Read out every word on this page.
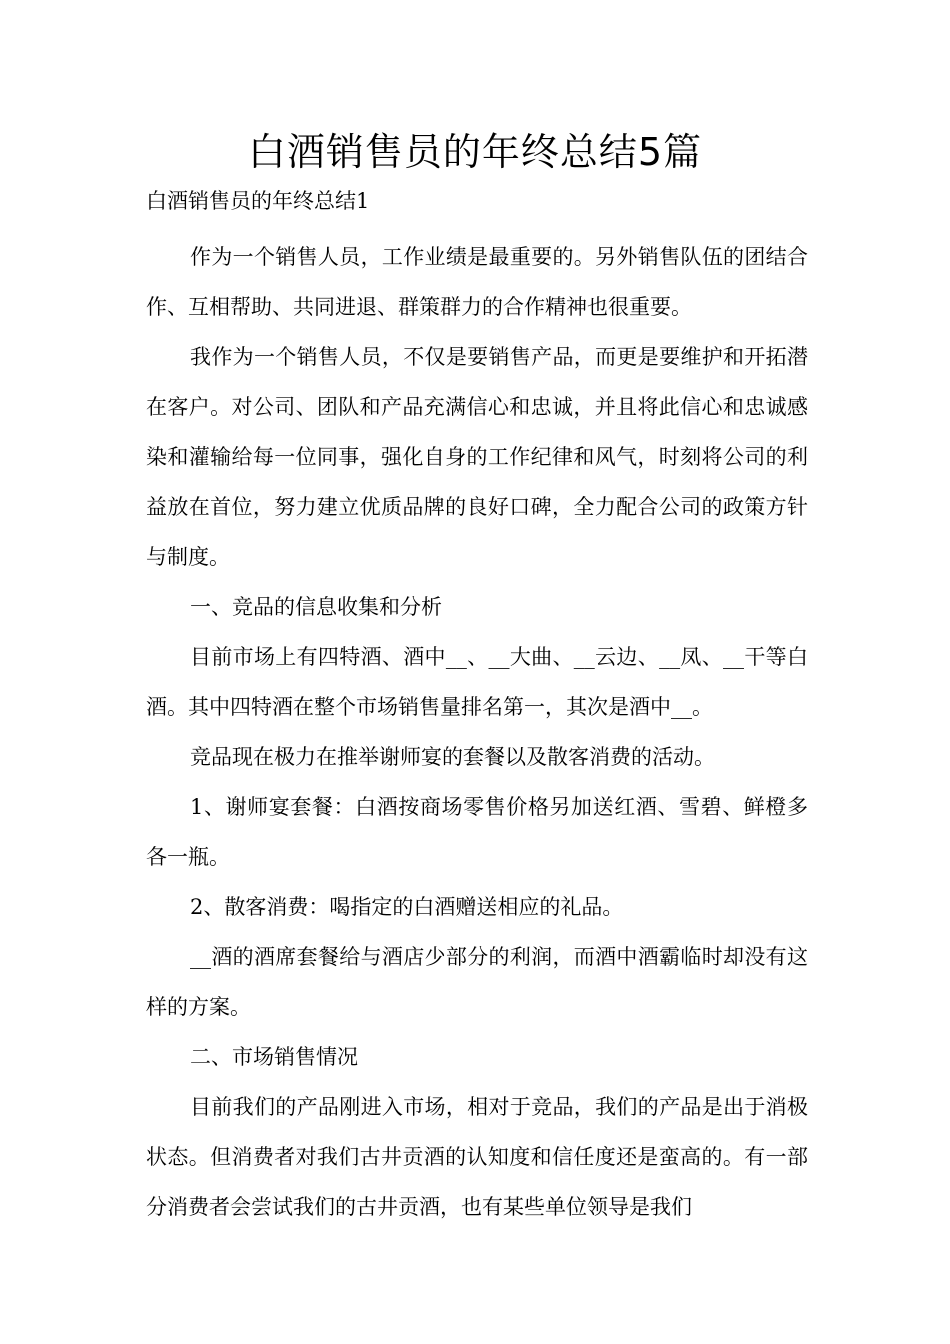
白酒销售员的年终总结5篇

白酒销售员的年终总结1

作为一个销售人员，工作业绩是最重要的。另外销售队伍的团结合作、互相帮助、共同进退、群策群力的合作精神也很重要。

我作为一个销售人员，不仅是要销售产品，而更是要维护和开拓潜在客户。对公司、团队和产品充满信心和忠诚，并且将此信心和忠诚感染和灌输给每一位同事，强化自身的工作纪律和风气，时刻将公司的利益放在首位，努力建立优质品牌的良好口碑，全力配合公司的政策方针与制度。

一、竞品的信息收集和分析

目前市场上有四特酒、酒中__、__大曲、__云边、__凤、__干等白酒。其中四特酒在整个市场销售量排名第一，其次是酒中__。

竞品现在极力在推举谢师宴的套餐以及散客消费的活动。

1、谢师宴套餐：白酒按商场零售价格另加送红酒、雪碧、鲜橙多各一瓶。

2、散客消费：喝指定的白酒赠送相应的礼品。

__酒的酒席套餐给与酒店少部分的利润，而酒中酒霸临时却没有这样的方案。

二、市场销售情况

目前我们的产品刚进入市场，相对于竞品，我们的产品是出于消极状态。但消费者对我们古井贡酒的认知度和信任度还是蛮高的。有一部分消费者会尝试我们的古井贡酒，也有某些单位领导是我们
